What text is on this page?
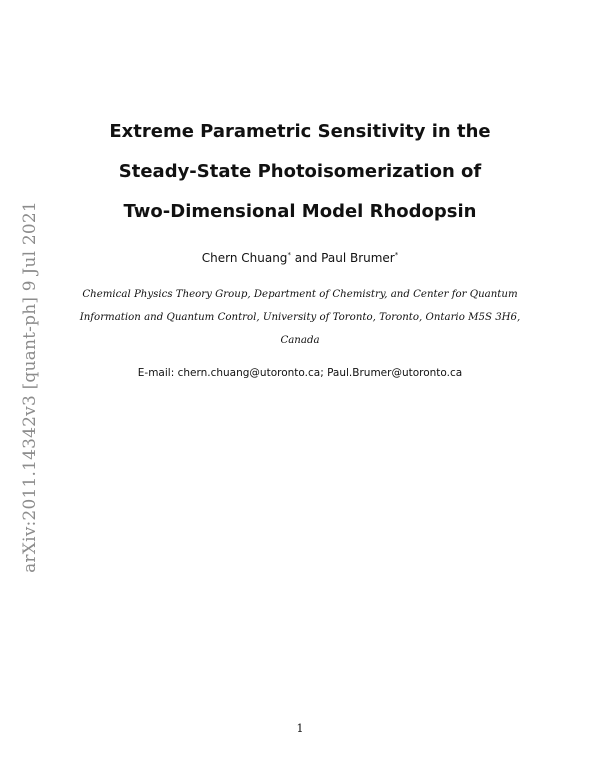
arXiv:2011.14342v3 [quant-ph] 9 Jul 2021
Extreme Parametric Sensitivity in the
Steady-State Photoisomerization of
Two-Dimensional Model Rhodopsin
Chern Chuang* and Paul Brumer*
Chemical Physics Theory Group, Department of Chemistry, and Center for Quantum
Information and Quantum Control, University of Toronto, Toronto, Ontario M5S 3H6,
Canada
E-mail: chern.chuang@utoronto.ca; Paul.Brumer@utoronto.ca
1
